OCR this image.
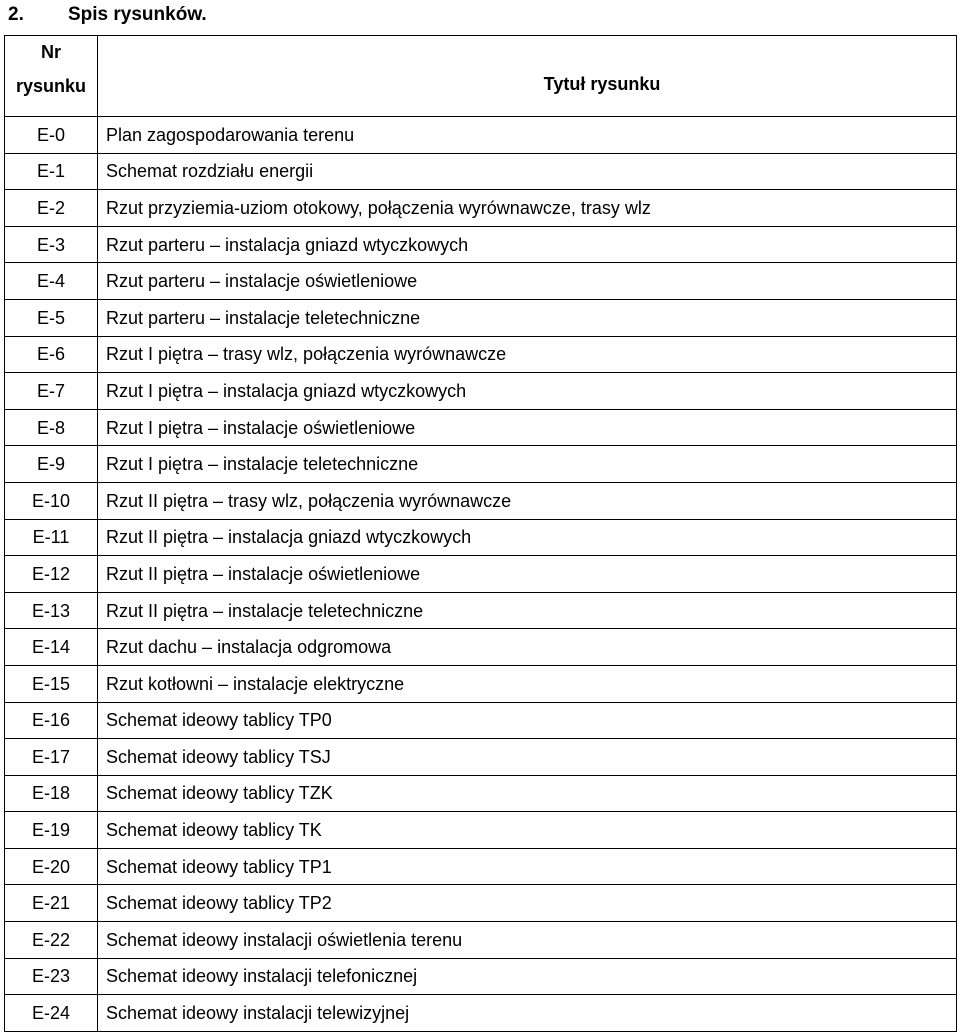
2. Spis rysunków.
Nr
rysunku	Tytuł rysunku
E-0	Plan zagospodarowania terenu
E-1	Schemat rozdziału energii
E-2	Rzut przyziemia-uziom otokowy, połączenia wyrównawcze, trasy wlz
E-3	Rzut parteru – instalacja gniazd wtyczkowych
E-4	Rzut parteru – instalacje oświetleniowe
E-5	Rzut parteru – instalacje teletechniczne
E-6	Rzut I piętra – trasy wlz, połączenia wyrównawcze
E-7	Rzut I piętra – instalacja gniazd wtyczkowych
E-8	Rzut I piętra – instalacje oświetleniowe
E-9	Rzut I piętra – instalacje teletechniczne
E-10	Rzut II piętra – trasy wlz, połączenia wyrównawcze
E-11	Rzut II piętra – instalacja gniazd wtyczkowych
E-12	Rzut II piętra – instalacje oświetleniowe
E-13	Rzut II piętra – instalacje teletechniczne
E-14	Rzut dachu – instalacja odgromowa
E-15	Rzut kotłowni – instalacje elektryczne
E-16	Schemat ideowy tablicy TP0
E-17	Schemat ideowy tablicy TSJ
E-18	Schemat ideowy tablicy TZK
E-19	Schemat ideowy tablicy TK
E-20	Schemat ideowy tablicy TP1
E-21	Schemat ideowy tablicy TP2
E-22	Schemat ideowy instalacji oświetlenia terenu
E-23	Schemat ideowy instalacji telefonicznej
E-24	Schemat ideowy instalacji telewizyjnej
